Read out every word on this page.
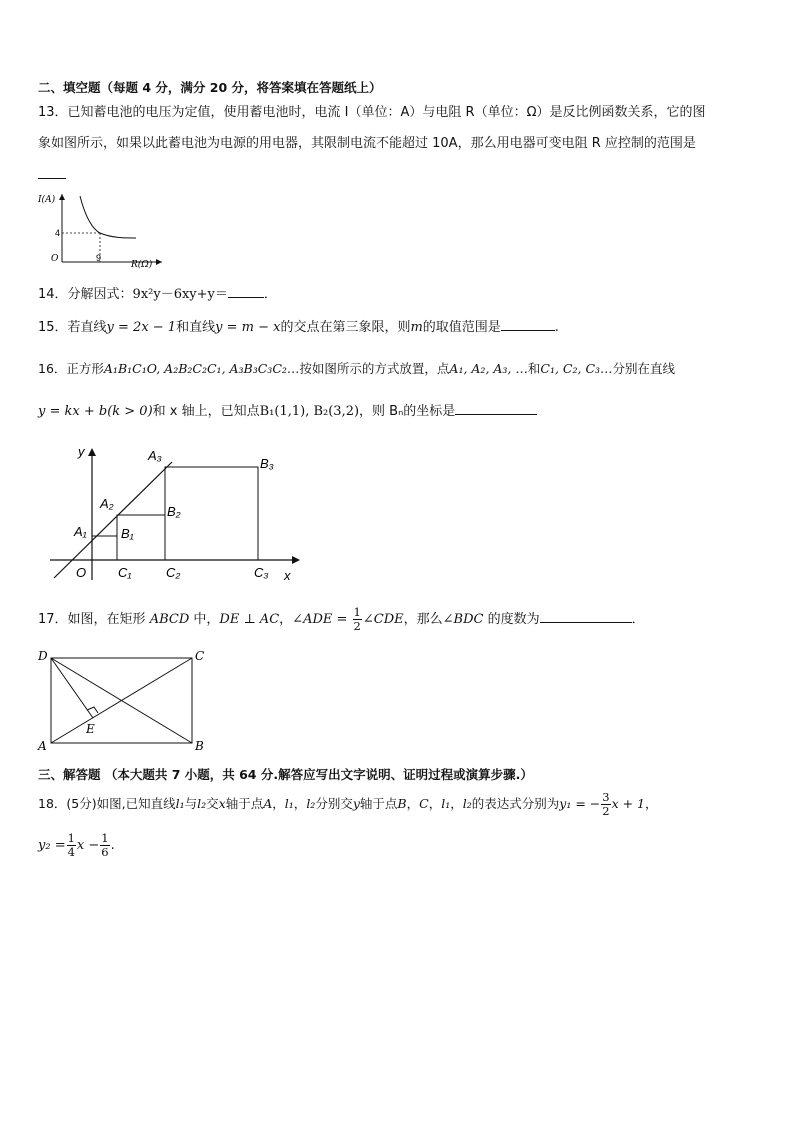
二、填空题（每题 4 分，满分 20 分，将答案填在答题纸上）
13．已知蓄电池的电压为定值，使用蓄电池时，电流 I（单位：A）与电阻 R（单位：Ω）是反比例函数关系，它的图
象如图所示，如果以此蓄电池为电源的用电器，其限制电流不能超过 10A，那么用电器可变电阻 R 应控制的范围是
I(A)
4
O	9
R(Ω)
14．分解因式：9x²y－6xy+y＝	．
15．若直线y = 2x − 1和直线y = m − x的交点在第三象限，则m的取值范围是	.
16．正方形A₁B₁C₁O, A₂B₂C₂C₁, A₃B₃C₃C₂…按如图所示的方式放置，点A₁, A₂, A₃, …和C₁, C₂, C₃…分别在直线
y = kx + b(k > 0)和 x 轴上，已知点B₁(1,1), B₂(3,2)，则 Bₙ的坐标是
y
x
O
A₁
A₂
A₃
B₁
B₂
B₃
C₁	C₂	C₃
17．如图，在矩形 ABCD 中，DE ⊥ AC，∠ADE = $\frac{1}{2}$ ∠CDE，那么∠BDC 的度数为	．
D	C
A	B
E
三、解答题 （本大题共 7 小题，共 64 分.解答应写出文字说明、证明过程或演算步骤.）
18．(5分)如图,已知直线l₁与l₂交x轴于点A，l₁，l₂分别交y轴于点B，C，l₁，l₂的表达式分别为y₁ = − $\frac{3}{2}$ x + 1，
$y_2 = \frac{1}{4}$ $x - \frac{1}{6}$ .
